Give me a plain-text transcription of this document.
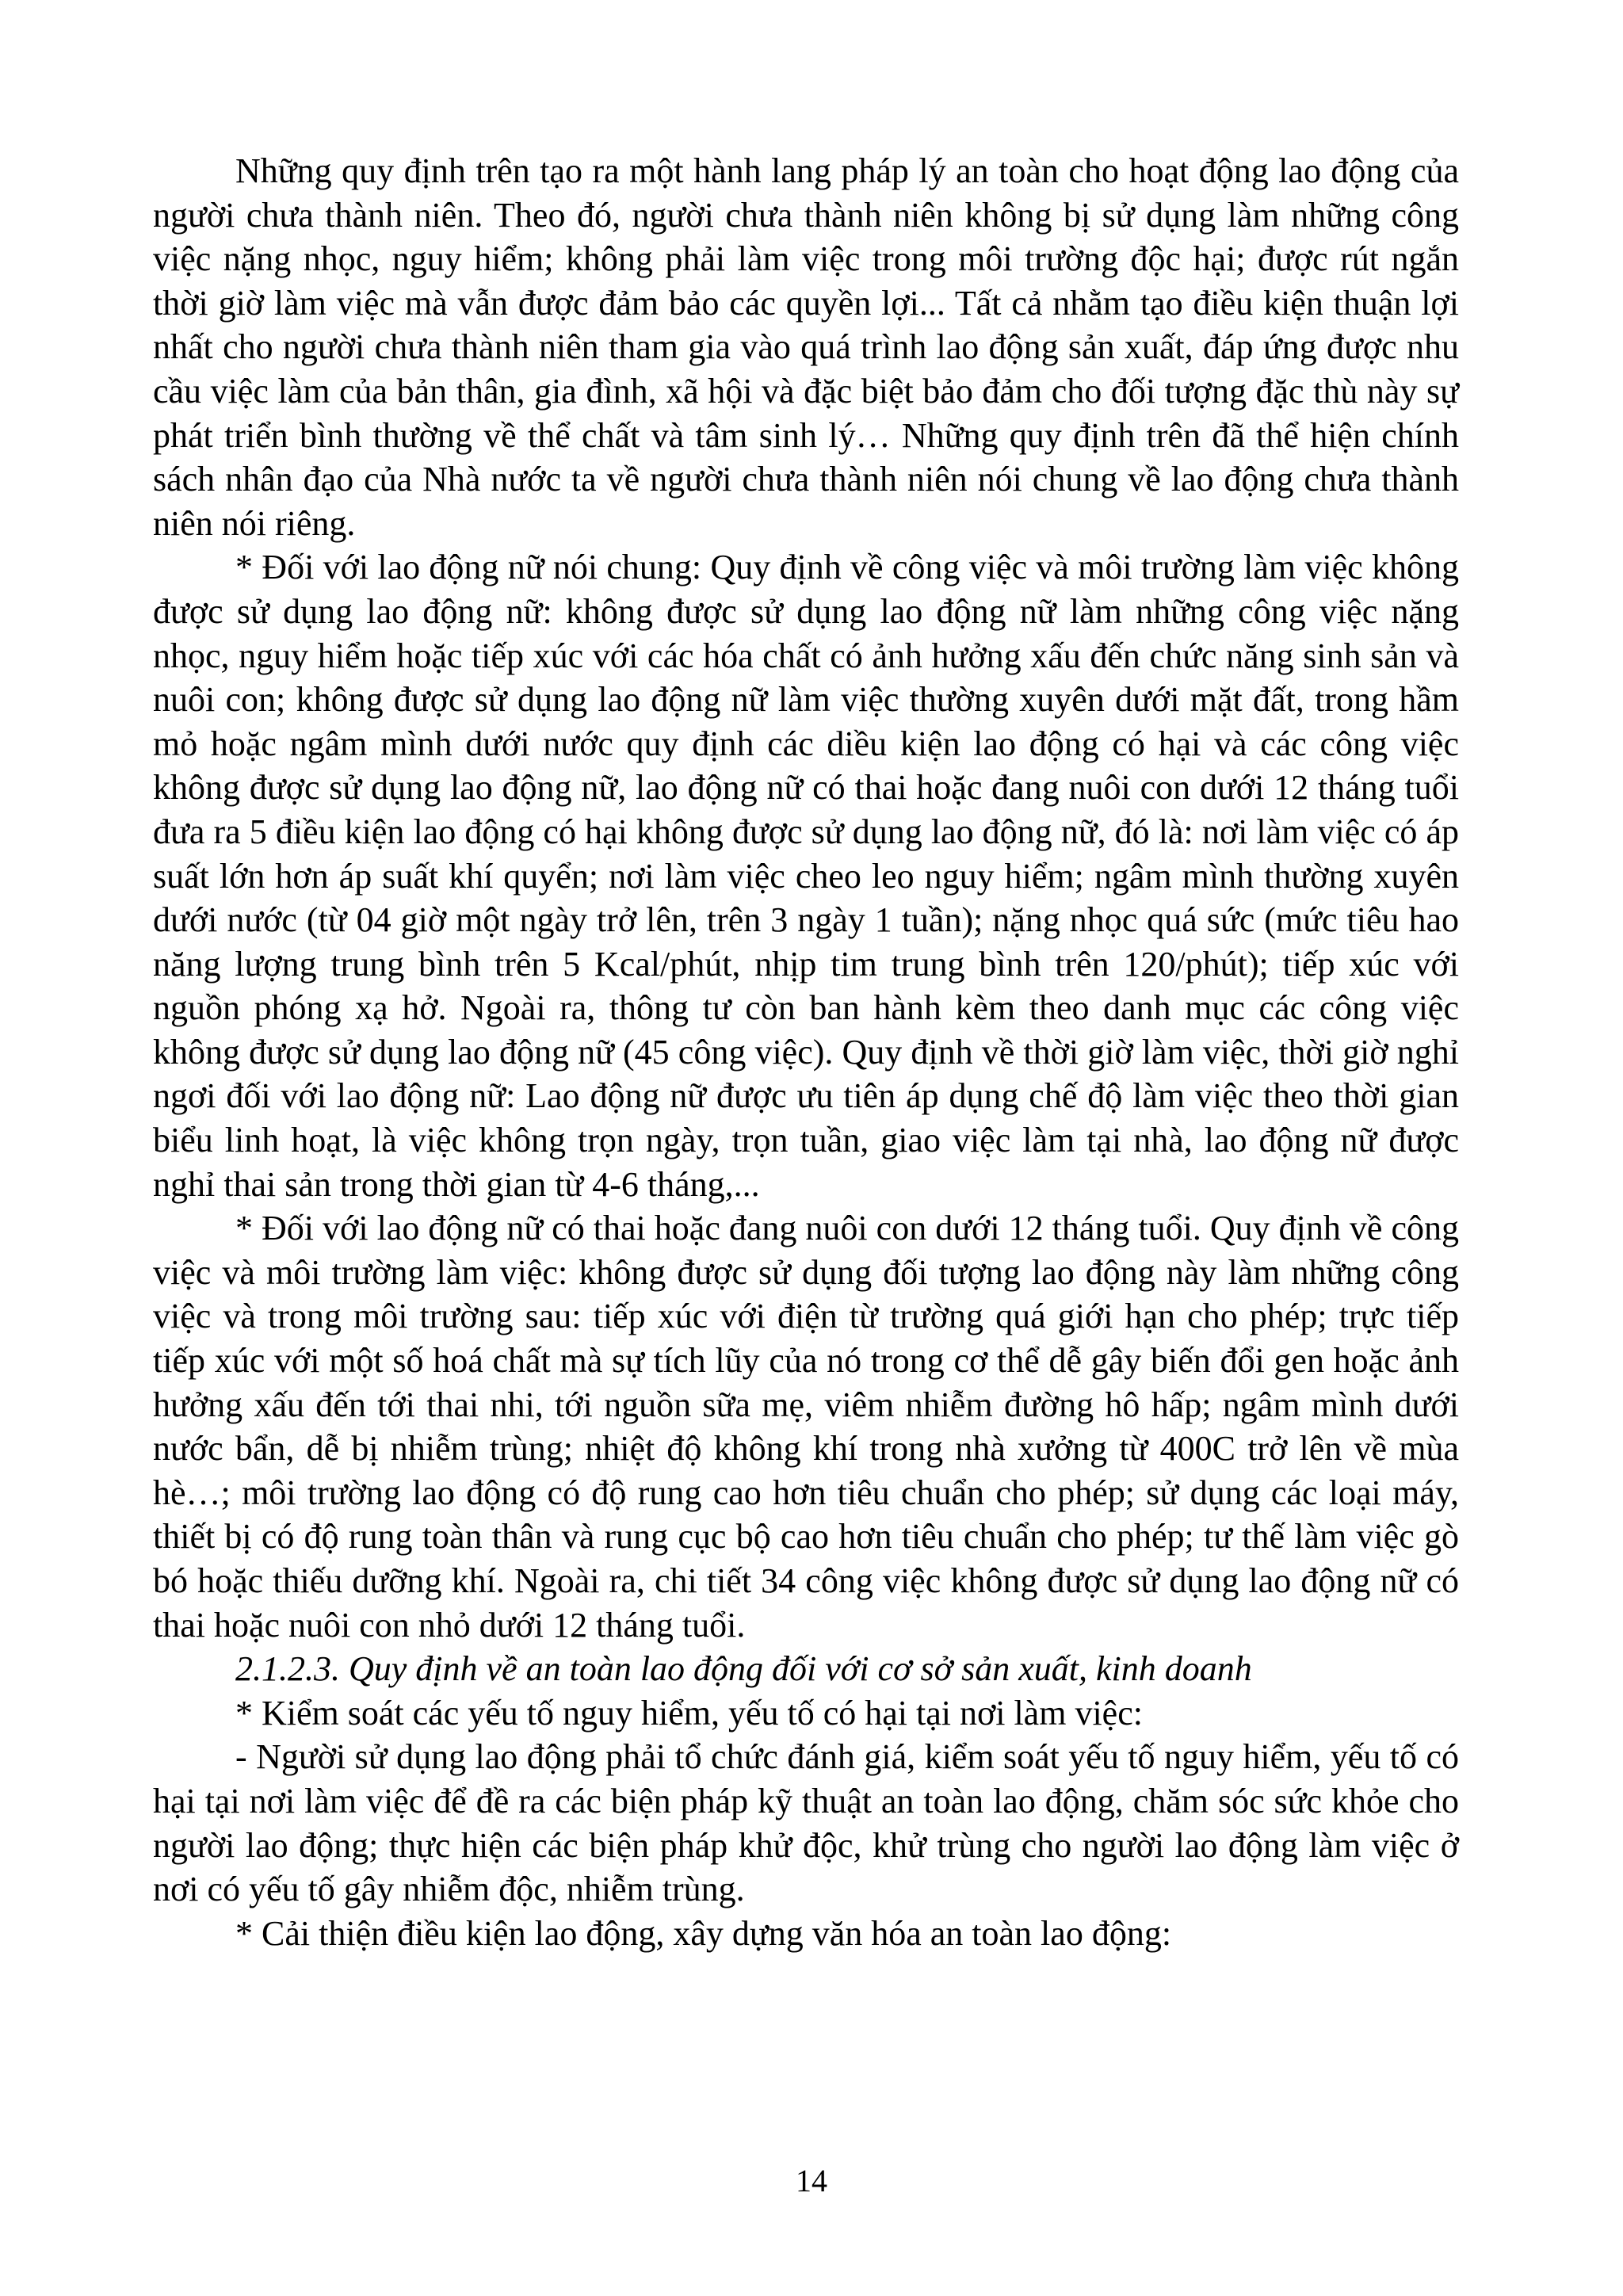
Những quy định trên tạo ra một hành lang pháp lý an toàn cho hoạt động lao động của người chưa thành niên. Theo đó, người chưa thành niên không bị sử dụng làm những công việc nặng nhọc, nguy hiểm; không phải làm việc trong môi trường độc hại; được rút ngắn thời giờ làm việc mà vẫn được đảm bảo các quyền lợi... Tất cả nhằm tạo điều kiện thuận lợi nhất cho người chưa thành niên tham gia vào quá trình lao động sản xuất, đáp ứng được nhu cầu việc làm của bản thân, gia đình, xã hội và đặc biệt bảo đảm cho đối tượng đặc thù này sự phát triển bình thường về thể chất và tâm sinh lý… Những quy định trên đã thể hiện chính sách nhân đạo của Nhà nước ta về người chưa thành niên nói chung về lao động chưa thành niên nói riêng.

* Đối với lao động nữ nói chung: Quy định về công việc và môi trường làm việc không được sử dụng lao động nữ: không được sử dụng lao động nữ làm những công việc nặng nhọc, nguy hiểm hoặc tiếp xúc với các hóa chất có ảnh hưởng xấu đến chức năng sinh sản và nuôi con; không được sử dụng lao động nữ làm việc thường xuyên dưới mặt đất, trong hầm mỏ hoặc ngâm mình dưới nước quy định các diều kiện lao động có hại và các công việc không được sử dụng lao động nữ, lao động nữ có thai hoặc đang nuôi con dưới 12 tháng tuổi đưa ra 5 điều kiện lao động có hại không được sử dụng lao động nữ, đó là: nơi làm việc có áp suất lớn hơn áp suất khí quyển; nơi làm việc cheo leo nguy hiểm; ngâm mình thường xuyên dưới nước (từ 04 giờ một ngày trở lên, trên 3 ngày 1 tuần); nặng nhọc quá sức (mức tiêu hao năng lượng trung bình trên 5 Kcal/phút, nhịp tim trung bình trên 120/phút); tiếp xúc với nguồn phóng xạ hở. Ngoài ra, thông tư còn ban hành kèm theo danh mục các công việc không được sử dụng lao động nữ (45 công việc). Quy định về thời giờ làm việc, thời giờ nghỉ ngơi đối với lao động nữ: Lao động nữ được ưu tiên áp dụng chế độ làm việc theo thời gian biểu linh hoạt, là việc không trọn ngày, trọn tuần, giao việc làm tại nhà, lao động nữ được nghỉ thai sản trong thời gian từ 4-6 tháng,...

* Đối với lao động nữ có thai hoặc đang nuôi con dưới 12 tháng tuổi. Quy định về công việc và môi trường làm việc: không được sử dụng đối tượng lao động này làm những công việc và trong môi trường sau: tiếp xúc với điện từ trường quá giới hạn cho phép; trực tiếp tiếp xúc với một số hoá chất mà sự tích lũy của nó trong cơ thể dễ gây biến đổi gen hoặc ảnh hưởng xấu đến tới thai nhi, tới nguồn sữa mẹ, viêm nhiễm đường hô hấp; ngâm mình dưới nước bẩn, dễ bị nhiễm trùng; nhiệt độ không khí trong nhà xưởng từ 400C trở lên về mùa hè…; môi trường lao động có độ rung cao hơn tiêu chuẩn cho phép; sử dụng các loại máy, thiết bị có độ rung toàn thân và rung cục bộ cao hơn tiêu chuẩn cho phép; tư thế làm việc gò bó hoặc thiếu dưỡng khí. Ngoài ra, chi tiết 34 công việc không được sử dụng lao động nữ có thai hoặc nuôi con nhỏ dưới 12 tháng tuổi.

2.1.2.3. Quy định về an toàn lao động đối với cơ sở sản xuất, kinh doanh

* Kiểm soát các yếu tố nguy hiểm, yếu tố có hại tại nơi làm việc:

- Người sử dụng lao động phải tổ chức đánh giá, kiểm soát yếu tố nguy hiểm, yếu tố có hại tại nơi làm việc để đề ra các biện pháp kỹ thuật an toàn lao động, chăm sóc sức khỏe cho người lao động; thực hiện các biện pháp khử độc, khử trùng cho người lao động làm việc ở nơi có yếu tố gây nhiễm độc, nhiễm trùng.

* Cải thiện điều kiện lao động, xây dựng văn hóa an toàn lao động:

14
